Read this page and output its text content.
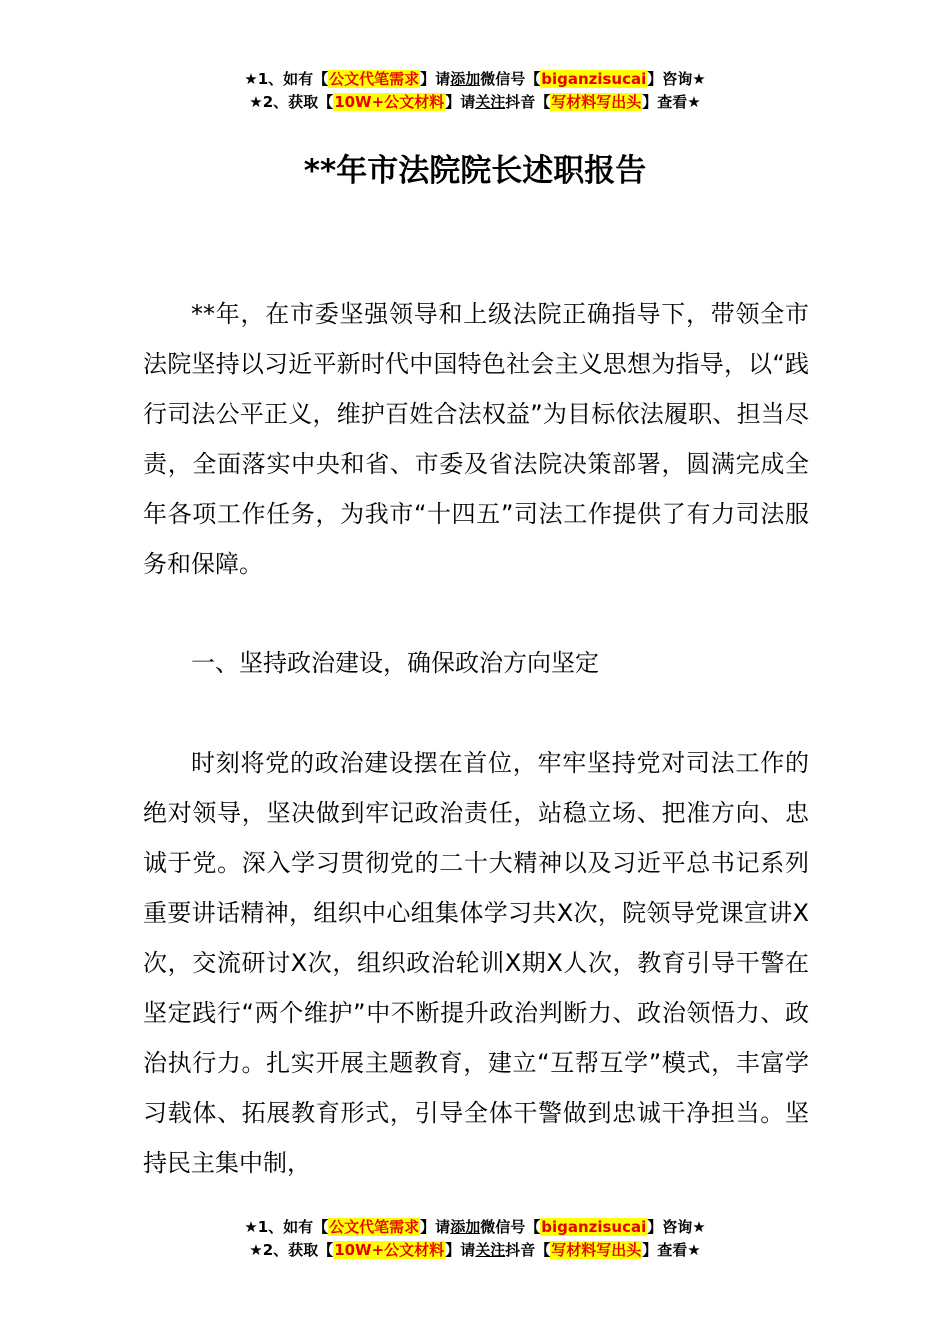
★1、如有【公文代笔需求】请添加微信号【biganzisucai】咨询★
★2、获取【10W+公文材料】请关注抖音【写材料写出头】查看★
**年市法院院长述职报告

**年，在市委坚强领导和上级法院正确指导下，带领全市法院坚持以习近平新时代中国特色社会主义思想为指导，以“践行司法公平正义，维护百姓合法权益”为目标依法履职、担当尽责，全面落实中央和省、市委及省法院决策部署，圆满完成全年各项工作任务，为我市“十四五”司法工作提供了有力司法服务和保障。

一、坚持政治建设，确保政治方向坚定

时刻将党的政治建设摆在首位，牢牢坚持党对司法工作的绝对领导，坚决做到牢记政治责任，站稳立场、把准方向、忠诚于党。深入学习贯彻党的二十大精神以及习近平总书记系列重要讲话精神，组织中心组集体学习共X次，院领导党课宣讲X次，交流研讨X次，组织政治轮训X期X人次，教育引导干警在坚定践行“两个维护”中不断提升政治判断力、政治领悟力、政治执行力。扎实开展主题教育，建立“互帮互学”模式，丰富学习载体、拓展教育形式，引导全体干警做到忠诚干净担当。坚持民主集中制，

★1、如有【公文代笔需求】请添加微信号【biganzisucai】咨询★
★2、获取【10W+公文材料】请关注抖音【写材料写出头】查看★
